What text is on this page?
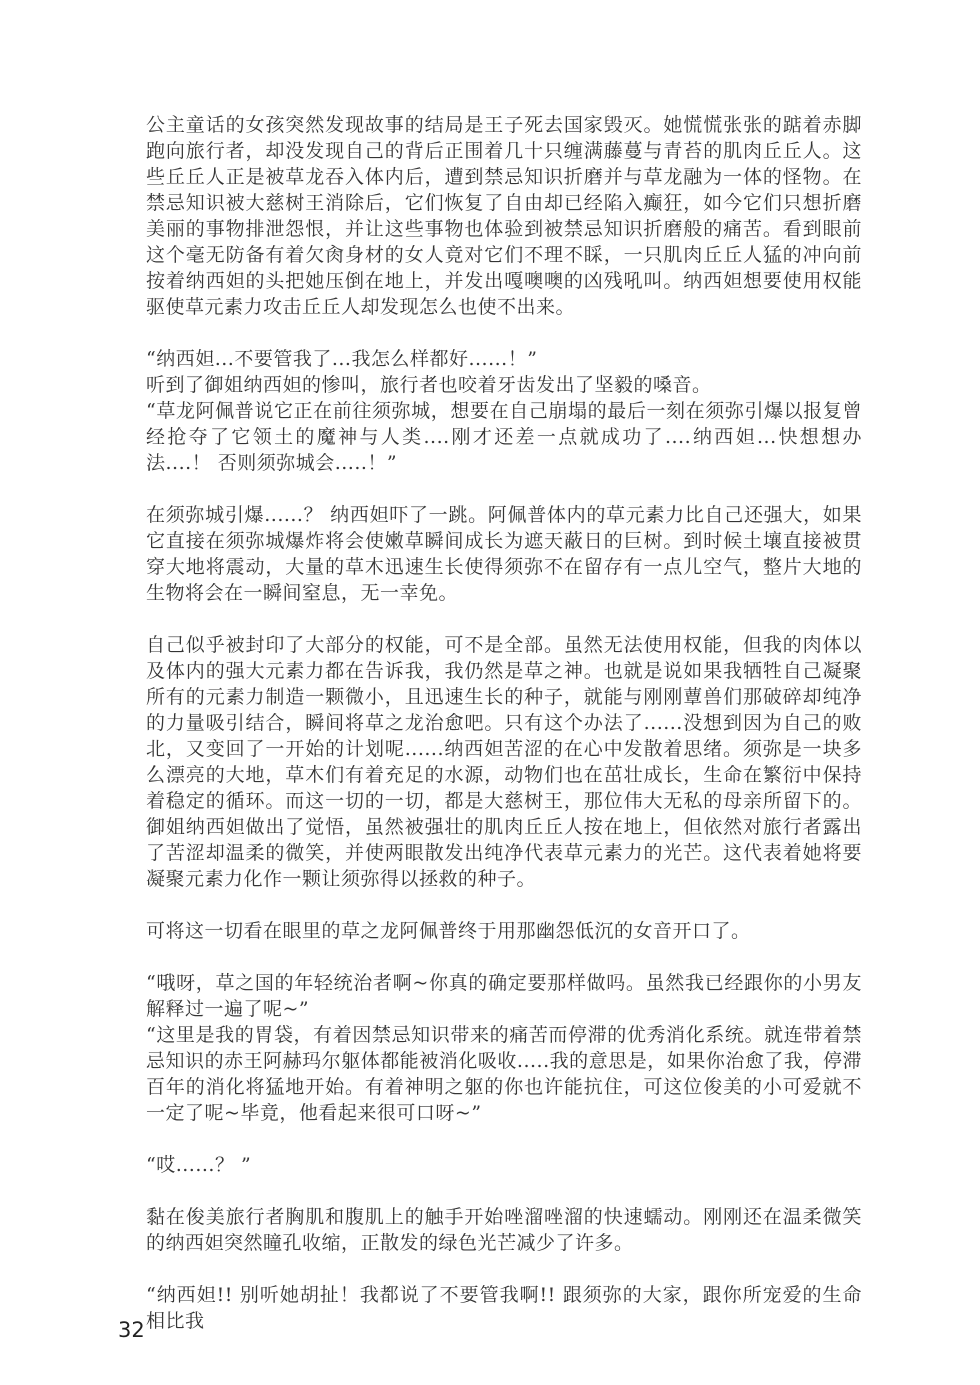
公主童话的女孩突然发现故事的结局是王子死去国家毁灭。她慌慌张张的踮着赤脚跑向旅行者，却没发现自己的背后正围着几十只缠满藤蔓与青苔的肌肉丘丘人。这些丘丘人正是被草龙吞入体内后，遭到禁忌知识折磨并与草龙融为一体的怪物。在禁忌知识被大慈树王消除后，它们恢复了自由却已经陷入癫狂，如今它们只想折磨美丽的事物排泄怨恨，并让这些事物也体验到被禁忌知识折磨般的痛苦。看到眼前这个毫无防备有着欠肏身材的女人竟对它们不理不睬，一只肌肉丘丘人猛的冲向前按着纳西妲的头把她压倒在地上，并发出嘎噢噢的凶残吼叫。纳西妲想要使用权能驱使草元素力攻击丘丘人却发现怎么也使不出来。

“纳西妲...不要管我了...我怎么样都好......！”

听到了御姐纳西妲的惨叫，旅行者也咬着牙齿发出了坚毅的嗓音。

“草龙阿佩普说它正在前往须弥城，想要在自己崩塌的最后一刻在须弥引爆以报复曾经抢夺了它领土的魔神与人类....刚才还差一点就成功了....纳西妲...快想想办法....！ 否则须弥城会.....！”

在须弥城引爆......？ 纳西妲吓了一跳。阿佩普体内的草元素力比自己还强大，如果它直接在须弥城爆炸将会使嫩草瞬间成长为遮天蔽日的巨树。到时候土壤直接被贯穿大地将震动，大量的草木迅速生长使得须弥不在留存有一点儿空气，整片大地的生物将会在一瞬间窒息，无一幸免。

自己似乎被封印了大部分的权能，可不是全部。虽然无法使用权能，但我的肉体以及体内的强大元素力都在告诉我，我仍然是草之神。也就是说如果我牺牲自己凝聚所有的元素力制造一颗微小，且迅速生长的种子，就能与刚刚蕈兽们那破碎却纯净的力量吸引结合，瞬间将草之龙治愈吧。只有这个办法了......没想到因为自己的败北，又变回了一开始的计划呢......纳西妲苦涩的在心中发散着思绪。须弥是一块多么漂亮的大地，草木们有着充足的水源，动物们也在茁壮成长，生命在繁衍中保持着稳定的循环。而这一切的一切，都是大慈树王，那位伟大无私的母亲所留下的。御姐纳西妲做出了觉悟，虽然被强壮的肌肉丘丘人按在地上，但依然对旅行者露出了苦涩却温柔的微笑，并使两眼散发出纯净代表草元素力的光芒。这代表着她将要凝聚元素力化作一颗让须弥得以拯救的种子。

可将这一切看在眼里的草之龙阿佩普终于用那幽怨低沉的女音开口了。

“哦呀，草之国的年轻统治者啊~你真的确定要那样做吗。虽然我已经跟你的小男友解释过一遍了呢~”

“这里是我的胃袋，有着因禁忌知识带来的痛苦而停滞的优秀消化系统。就连带着禁忌知识的赤王阿赫玛尔躯体都能被消化吸收.....我的意思是，如果你治愈了我，停滞百年的消化将猛地开始。有着神明之躯的你也许能抗住，可这位俊美的小可爱就不一定了呢~毕竟，他看起来很可口呀~”

“哎......？ ”

黏在俊美旅行者胸肌和腹肌上的触手开始唑溜唑溜的快速蠕动。刚刚还在温柔微笑的纳西妲突然瞳孔收缩，正散发的绿色光芒减少了许多。

“纳西妲!! 别听她胡扯！我都说了不要管我啊!! 跟须弥的大家，跟你所宠爱的生命相比我

32
